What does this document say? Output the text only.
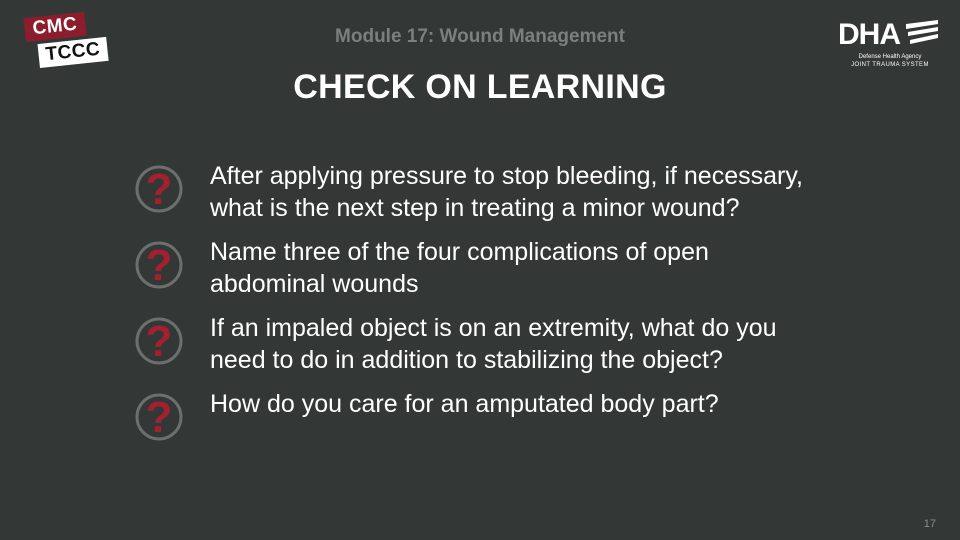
CMC
TCCC
Module 17: Wound Management
CHECK ON LEARNING
DHA
Defense Health Agency
JOINT TRAUMA SYSTEM
? After applying pressure to stop bleeding, if necessary,
what is the next step in treating a minor wound?
? Name three of the four complications of open
abdominal wounds
? If an impaled object is on an extremity, what do you
need to do in addition to stabilizing the object?
? How do you care for an amputated body part?
17
